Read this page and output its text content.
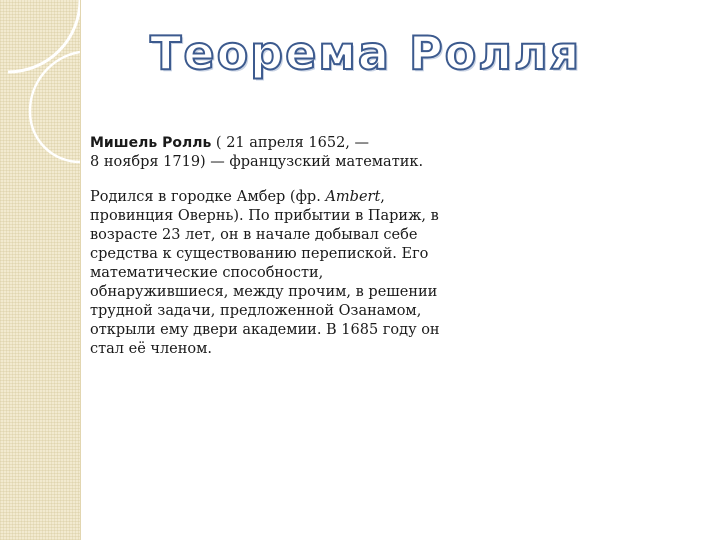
Теорема Ролля

Мишель Ролль ( 21 апреля 1652, —
8 ноября 1719) — французский математик.

Родился в городке Амбер (фр. Ambert, провинция Овернь). По прибытии в Париж, в возрасте 23 лет, он в начале добывал себе средства к существованию перепиской. Его математические способности, обнаружившиеся, между прочим, в решении трудной задачи, предложенной Озанамом, открыли ему двери академии. В 1685 году он стал её членом.
